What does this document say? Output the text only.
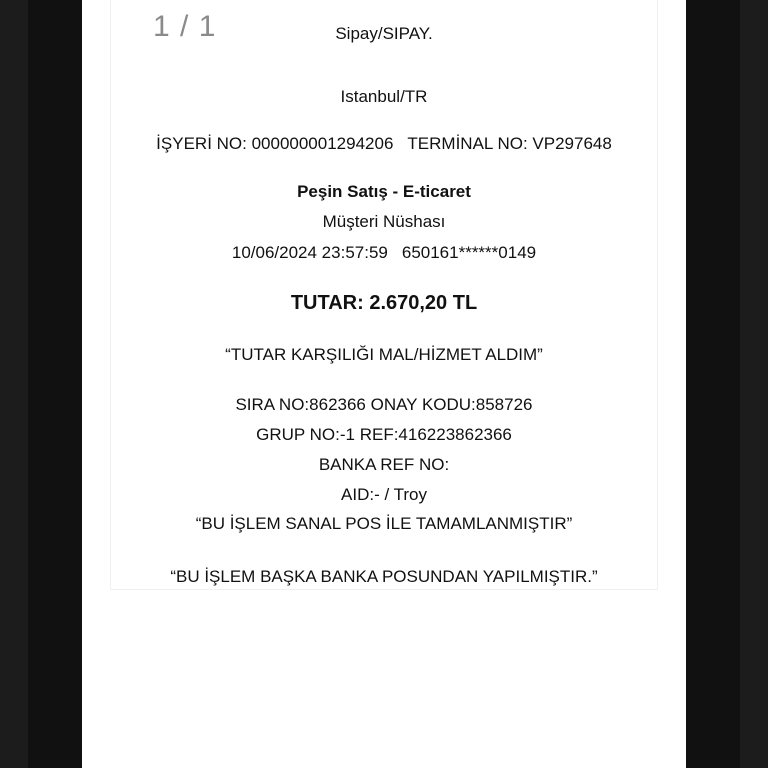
Sipay/SIPAY.
Istanbul/TR
İŞYERİ NO: 000000001294206 TERMİNAL NO: VP297648
Peşin Satış - E-ticaret
Müşteri Nüshası
10/06/2024 23:57:59 650161******0149
TUTAR: 2.670,20 TL
“TUTAR KARŞILIĞI MAL/HİZMET ALDIM”
SIRA NO:862366 ONAY KODU:858726
GRUP NO:-1 REF:416223862366
BANKA REF NO:
AID:- / Troy
“BU İŞLEM SANAL POS İLE TAMAMLANMIŞTIR”
“BU İŞLEM BAŞKA BANKA POSUNDAN YAPILMIŞTIR.”
1 / 1
